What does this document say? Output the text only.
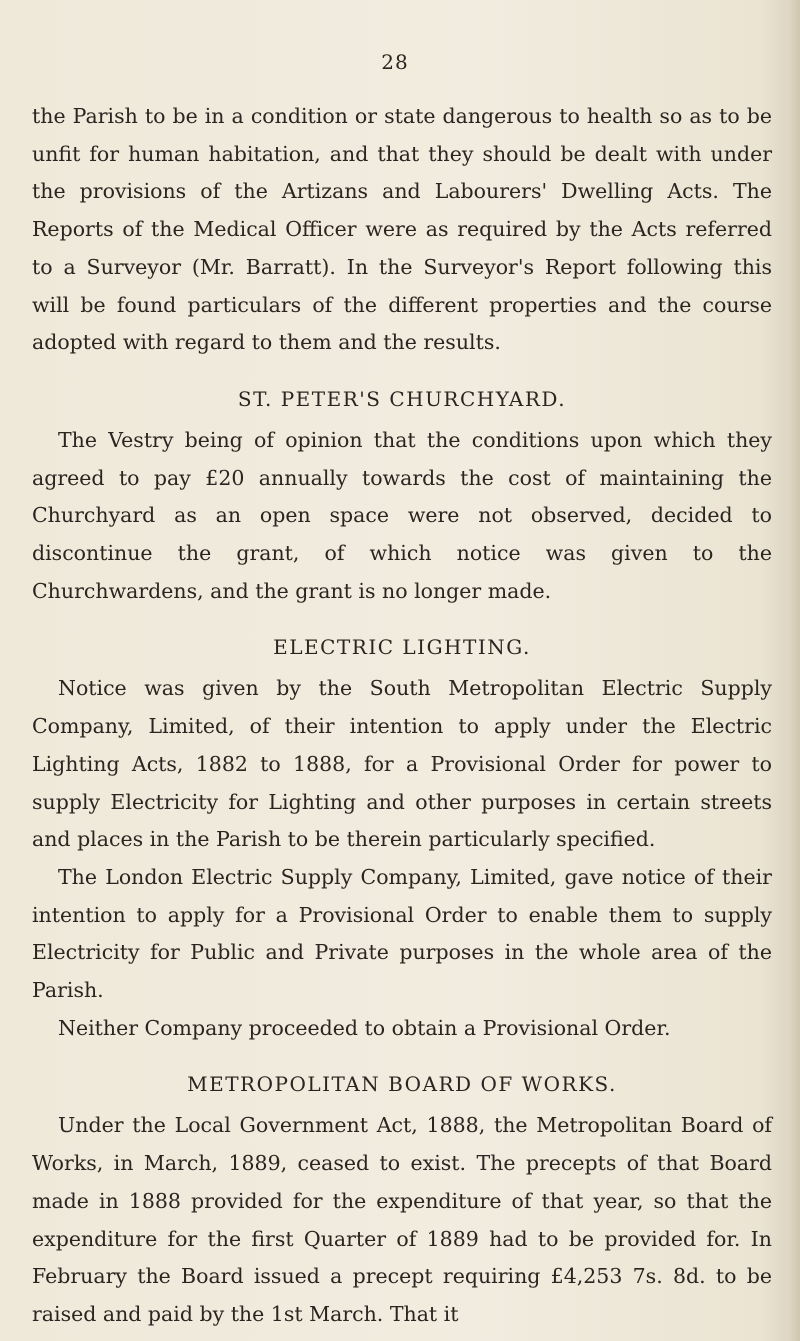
28

the Parish to be in a condition or state dangerous to health so as to be unfit for human habitation, and that they should be dealt with under the provisions of the Artizans and Labourers' Dwelling Acts. The Reports of the Medical Officer were as required by the Acts referred to a Surveyor (Mr. Barratt). In the Surveyor's Report following this will be found particulars of the different properties and the course adopted with regard to them and the results.

ST. PETER'S CHURCHYARD.

The Vestry being of opinion that the conditions upon which they agreed to pay £20 annually towards the cost of maintaining the Churchyard as an open space were not observed, decided to discontinue the grant, of which notice was given to the Churchwardens, and the grant is no longer made.

ELECTRIC LIGHTING.

Notice was given by the South Metropolitan Electric Supply Company, Limited, of their intention to apply under the Electric Lighting Acts, 1882 to 1888, for a Provisional Order for power to supply Electricity for Lighting and other purposes in certain streets and places in the Parish to be therein particularly specified.

The London Electric Supply Company, Limited, gave notice of their intention to apply for a Provisional Order to enable them to supply Electricity for Public and Private purposes in the whole area of the Parish.

Neither Company proceeded to obtain a Provisional Order.

METROPOLITAN BOARD OF WORKS.

Under the Local Government Act, 1888, the Metropolitan Board of Works, in March, 1889, ceased to exist. The precepts of that Board made in 1888 provided for the expenditure of that year, so that the expenditure for the first Quarter of 1889 had to be provided for. In February the Board issued a precept requiring £4,253 7s. 8d. to be raised and paid by the 1st March. That it
